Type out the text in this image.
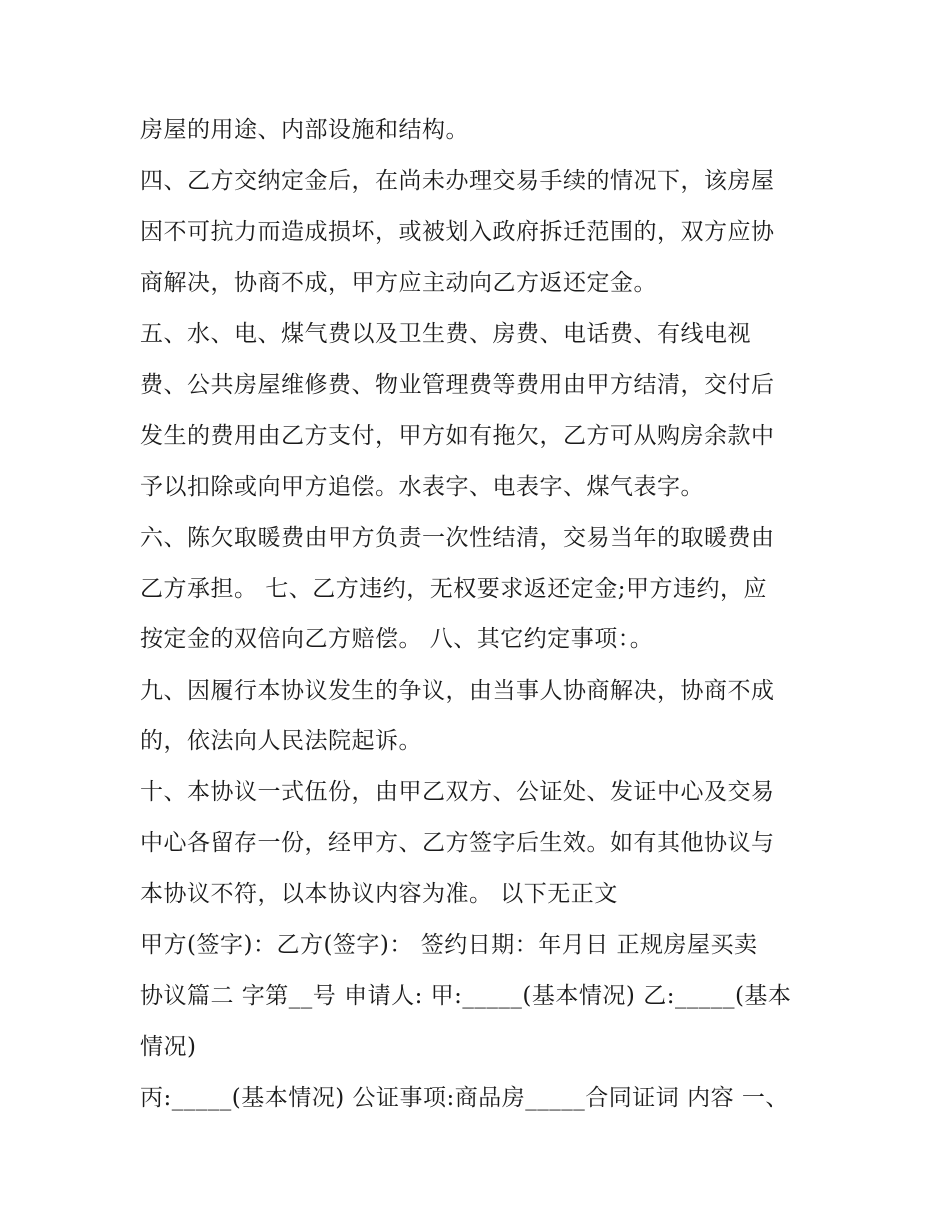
房屋的用途、内部设施和结构。
四、乙方交纳定金后，在尚未办理交易手续的情况下，该房屋
因不可抗力而造成损坏，或被划入政府拆迁范围的，双方应协
商解决，协商不成，甲方应主动向乙方返还定金。
五、水、电、煤气费以及卫生费、房费、电话费、有线电视
费、公共房屋维修费、物业管理费等费用由甲方结清，交付后
发生的费用由乙方支付，甲方如有拖欠，乙方可从购房余款中
予以扣除或向甲方追偿。水表字、电表字、煤气表字。
六、陈欠取暖费由甲方负责一次性结清，交易当年的取暖费由
乙方承担。 七、乙方违约，无权要求返还定金;甲方违约，应
按定金的双倍向乙方赔偿。 八、其它约定事项：。
九、因履行本协议发生的争议，由当事人协商解决，协商不成
的，依法向人民法院起诉。
十、本协议一式伍份，由甲乙双方、公证处、发证中心及交易
中心各留存一份，经甲方、乙方签字后生效。如有其他协议与
本协议不符，以本协议内容为准。 以下无正文
甲方(签字)：乙方(签字)： 签约日期：年月日 正规房屋买卖
协议篇二 字第__号 申请人: 甲:_____(基本情况) 乙:_____(基本
情况)
丙:_____(基本情况) 公证事项:商品房_____合同证词 内容 一、
